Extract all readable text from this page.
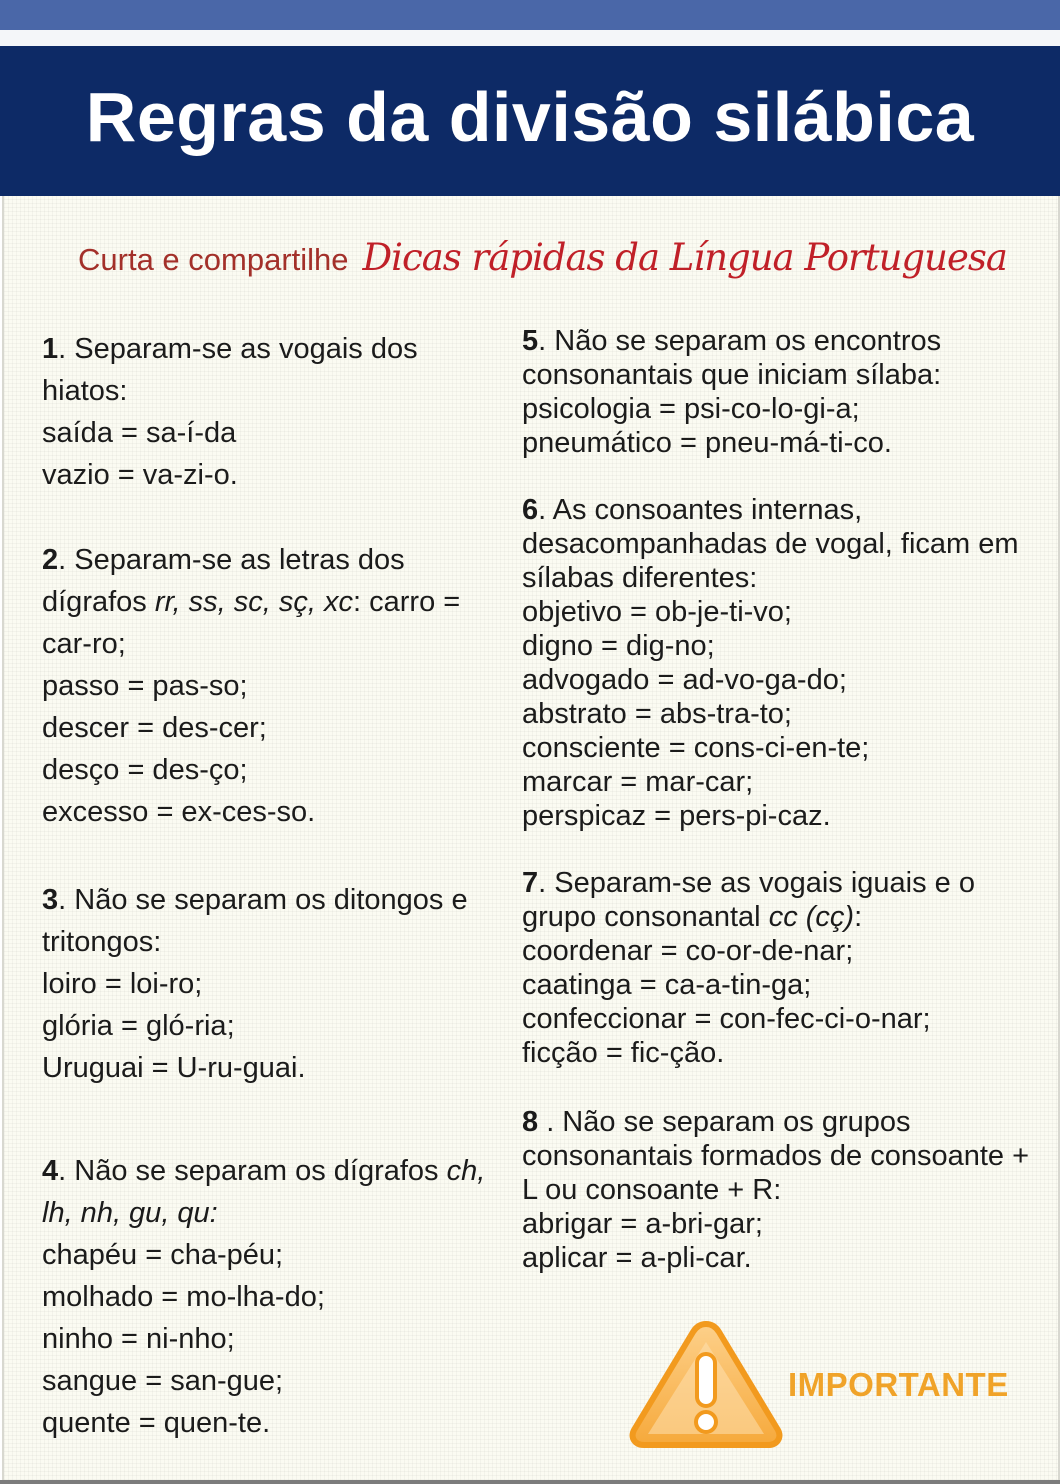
Regras da divisão silábica
Curta e compartilhe Dicas rápidas da Língua Portuguesa
1. Separam-se as vogais dos
hiatos:
saída = sa-í-da
vazio = va-zi-o.
2. Separam-se as letras dos
dígrafos rr, ss, sc, sç, xc: carro =
car-ro;
passo = pas-so;
descer = des-cer;
desço = des-ço;
excesso = ex-ces-so.
3. Não se separam os ditongos e
tritongos:
loiro = loi-ro;
glória = gló-ria;
Uruguai = U-ru-guai.
4. Não se separam os dígrafos ch,
lh, nh, gu, qu:
chapéu = cha-péu;
molhado = mo-lha-do;
ninho = ni-nho;
sangue = san-gue;
quente = quen-te.
5. Não se separam os encontros
consonantais que iniciam sílaba:
psicologia = psi-co-lo-gi-a;
pneumático = pneu-má-ti-co.
6. As consoantes internas,
desacompanhadas de vogal, ficam em
sílabas diferentes:
objetivo = ob-je-ti-vo;
digno = dig-no;
advogado = ad-vo-ga-do;
abstrato = abs-tra-to;
consciente = cons-ci-en-te;
marcar = mar-car;
perspicaz = pers-pi-caz.
7. Separam-se as vogais iguais e o
grupo consonantal cc (cç):
coordenar = co-or-de-nar;
caatinga = ca-a-tin-ga;
confeccionar = con-fec-ci-o-nar;
ficção = fic-ção.
8 . Não se separam os grupos
consonantais formados de consoante +
L ou consoante + R:
abrigar = a-bri-gar;
aplicar = a-pli-car.
IMPORTANTE
